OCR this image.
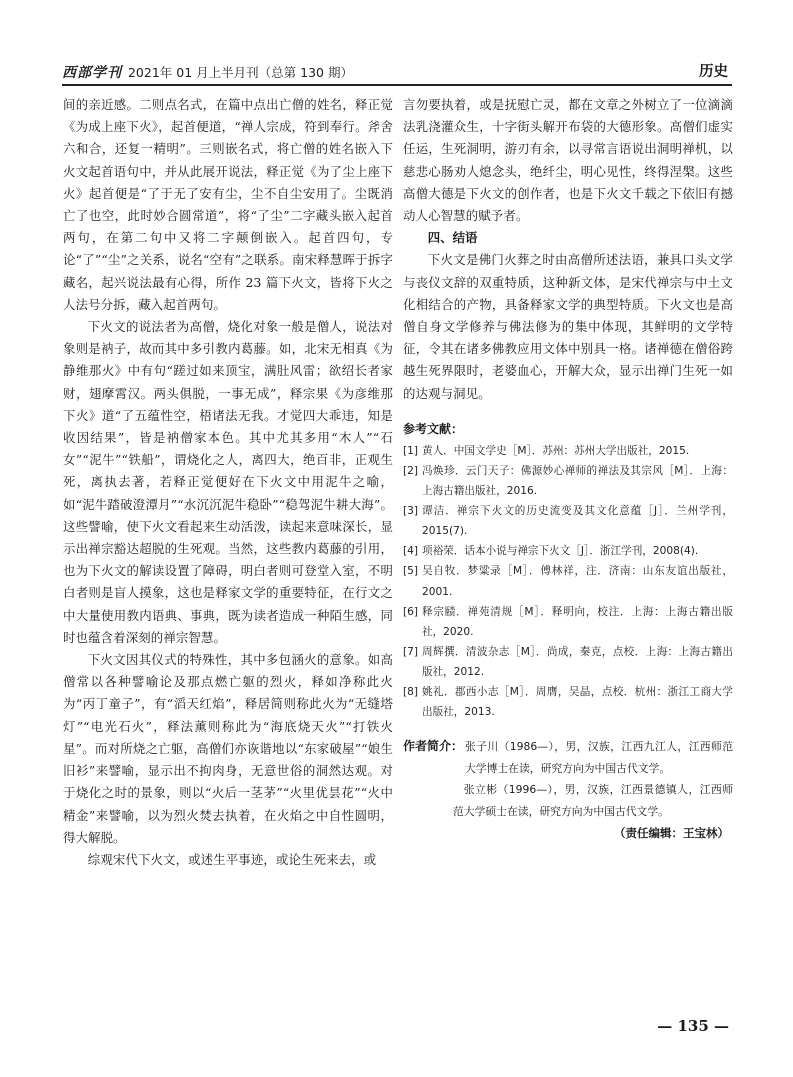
西部学刊 2021年 01 月上半月刊（总第 130 期）	历史

间的亲近感。二则点名式，在篇中点出亡僧的姓名，释正觉《为成上座下火》，起首便道，“禅人宗成，符到奉行。斧舍六和合，还复一精明”。三则嵌名式，将亡僧的姓名嵌入下火文起首语句中，并从此展开说法，释正觉《为了尘上座下火》起首便是“了于无了安有尘，尘不自尘安用了。尘既消亡了也空，此时妙合圆常道”，将“了尘”二字藏头嵌入起首两句，在第二句中又将二字颠倒嵌入。起首四句，专论“了”“尘”之关系，说名“空有”之联系。南宋释慧晖于拆字藏名，起兴说法最有心得，所作 23 篇下火文，皆将下火之人法号分拆，藏入起首两句。

下火文的说法者为高僧，烧化对象一般是僧人，说法对象则是衲子，故而其中多引教内葛藤。如，北宋无相真《为静维那火》中有句“蹉过如来顶宝，满肚风雷；欲绍长者家财，翅摩霄汉。两头俱脱，一事无成”，释宗果《为彦维那下火》道“了五蕴性空，梧诸法无我。才觉四大乖违，知是收因结果”，皆是衲僧家本色。其中尤其多用“木人”“石女”“泥牛”“铁船”，谓烧化之人，离四大，绝百非，正观生死，离执去著，若释正觉便好在下火文中用泥牛之喻，如“泥牛踏破澄潭月”“水沉沉泥牛稳卧”“稳驾泥牛耕大海”。这些譬喻，使下火文看起来生动活泼，读起来意味深长，显示出禅宗豁达超脱的生死观。当然，这些教内葛藤的引用，也为下火文的解读设置了障碍，明白者则可登堂入室，不明白者则是盲人摸象，这也是释家文学的重要特征，在行文之中大量使用教内语典、事典，既为读者造成一种陌生感，同时也蕴含着深刻的禅宗智慧。

下火文因其仪式的特殊性，其中多包涵火的意象。如高僧常以各种譬喻论及那点燃亡躯的烈火，释如净称此火为“丙丁童子”，有“滔天红焰”，释居简则称此火为“无缝塔灯”“电光石火”，释法薰则称此为“海底烧天火”“打铁火星”。而对所烧之亡躯，高僧们亦诙谐地以“东家破屋”“娘生旧衫”来譬喻，显示出不拘肉身，无意世俗的洞然达观。对于烧化之时的景象，则以“火后一茎茅”“火里优昙花”“火中精金”来譬喻，以为烈火焚去执着，在火焰之中自性圆明，得大解脱。

综观宋代下火文，或述生平事迹，或论生死来去，或

言勿要执着，或是抚慰亡灵，都在文章之外树立了一位滴滴法乳浇灌众生，十字街头解开布袋的大德形象。高僧们虚实任运，生死洞明，游刃有余，以寻常言语说出洞明禅机，以慈悲心肠劝人熄念头，绝纤尘，明心见性，终得涅槃。这些高僧大德是下火文的创作者，也是下火文千载之下依旧有撼动人心智慧的赋予者。

四、结语

下火文是佛门火葬之时由高僧所述法语，兼具口头文学与丧仪文辞的双重特质，这种新文体，是宋代禅宗与中土文化相结合的产物，具备释家文学的典型特质。下火文也是高僧自身文学修养与佛法修为的集中体现，其鲜明的文学特征，令其在诸多佛教应用文体中别具一格。诸禅德在僧俗跨越生死界限时，老婆血心，开解大众，显示出禅门生死一如的达观与洞见。

参考文献：
[1] 黄人．中国文学史［M］．苏州：苏州大学出版社，2015.
[2] 冯焕珍．云门天子：佛源妙心禅师的禅法及其宗风［M］．上海：上海古籍出版社，2016.
[3] 谭洁．禅宗下火文的历史流变及其文化意蕴［J］．兰州学刊，2015(7).
[4] 项裕荣．话本小说与禅宗下火文［J］．浙江学刊，2008(4).
[5] 吴自牧．梦粱录［M］．傅林祥，注．济南：山东友谊出版社，2001.
[6] 释宗赜．禅苑清规［M］．释明向，校注．上海：上海古籍出版社，2020.
[7] 周辉撰．清波杂志［M］．尚成，秦克，点校．上海：上海古籍出版社，2012.
[8] 姚礼．郡西小志［M］．周膺，吴晶，点校．杭州：浙江工商大学出版社，2013.
作者简介： 张子川（1986—），男，汉族，江西九江人，江西师范大学博士在读，研究方向为中国古代文学。
张立彬（1996—），男，汉族，江西景德镇人，江西师范大学硕士在读，研究方向为中国古代文学。
（责任编辑：王宝林）
— 135 —
